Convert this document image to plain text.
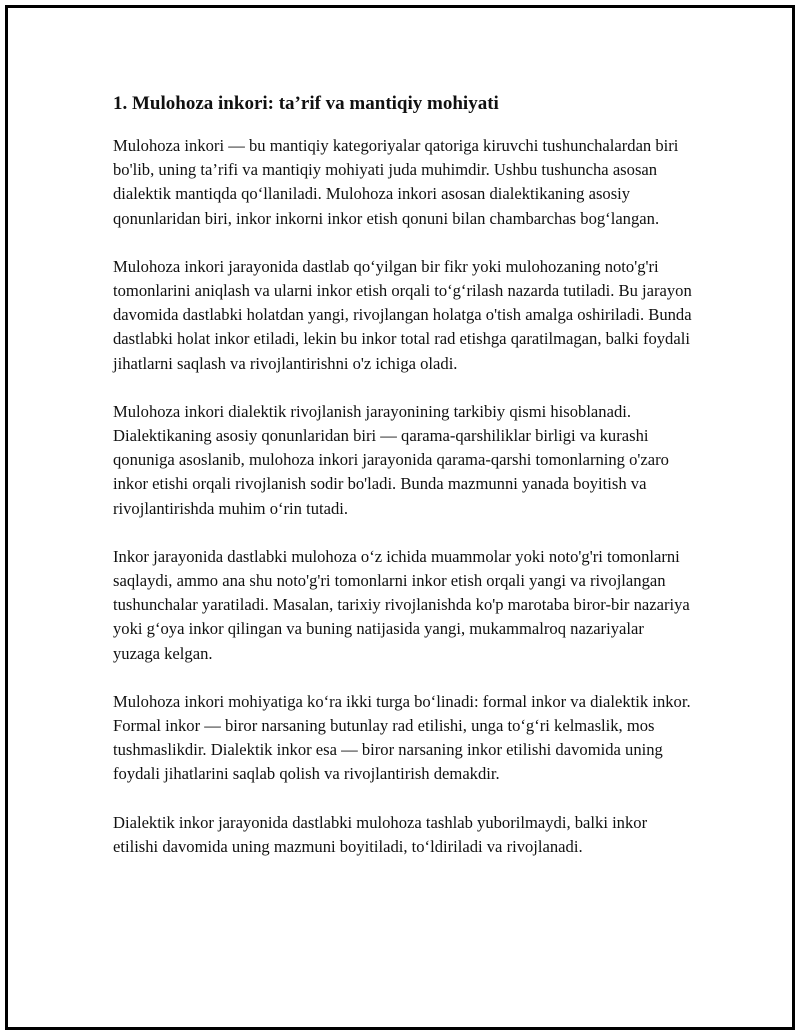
1. Mulohoza inkori: ta’rif va mantiqiy mohiyati

Mulohoza inkori — bu mantiqiy kategoriyalar qatoriga kiruvchi tushunchalardan biri bo'lib, uning ta’rifi va mantiqiy mohiyati juda muhimdir. Ushbu tushuncha asosan dialektik mantiqda qo‘llaniladi. Mulohoza inkori asosan dialektikaning asosiy qonunlaridan biri, inkor inkorni inkor etish qonuni bilan chambarchas bog‘langan.

Mulohoza inkori jarayonida dastlab qo‘yilgan bir fikr yoki mulohozaning noto'g'ri tomonlarini aniqlash va ularni inkor etish orqali to‘g‘rilash nazarda tutiladi. Bu jarayon davomida dastlabki holatdan yangi, rivojlangan holatga o'tish amalga oshiriladi. Bunda dastlabki holat inkor etiladi, lekin bu inkor total rad etishga qaratilmagan, balki foydali jihatlarni saqlash va rivojlantirishni o'z ichiga oladi.

Mulohoza inkori dialektik rivojlanish jarayonining tarkibiy qismi hisoblanadi. Dialektikaning asosiy qonunlaridan biri — qarama-qarshiliklar birligi va kurashi qonuniga asoslanib, mulohoza inkori jarayonida qarama-qarshi tomonlarning o'zaro inkor etishi orqali rivojlanish sodir bo'ladi. Bunda mazmunni yanada boyitish va rivojlantirishda muhim o‘rin tutadi.

Inkor jarayonida dastlabki mulohoza o‘z ichida muammolar yoki noto'g'ri tomonlarni saqlaydi, ammo ana shu noto'g'ri tomonlarni inkor etish orqali yangi va rivojlangan tushunchalar yaratiladi. Masalan, tarixiy rivojlanishda ko'p marotaba biror-bir nazariya yoki g‘oya inkor qilingan va buning natijasida yangi, mukammalroq nazariyalar yuzaga kelgan.

Mulohoza inkori mohiyatiga ko‘ra ikki turga bo‘linadi: formal inkor va dialektik inkor. Formal inkor — biror narsaning butunlay rad etilishi, unga to‘g‘ri kelmaslik, mos tushmaslikdir. Dialektik inkor esa — biror narsaning inkor etilishi davomida uning foydali jihatlarini saqlab qolish va rivojlantirish demakdir.

Dialektik inkor jarayonida dastlabki mulohoza tashlab yuborilmaydi, balki inkor etilishi davomida uning mazmuni boyitiladi, to‘ldiriladi va rivojlanadi.
